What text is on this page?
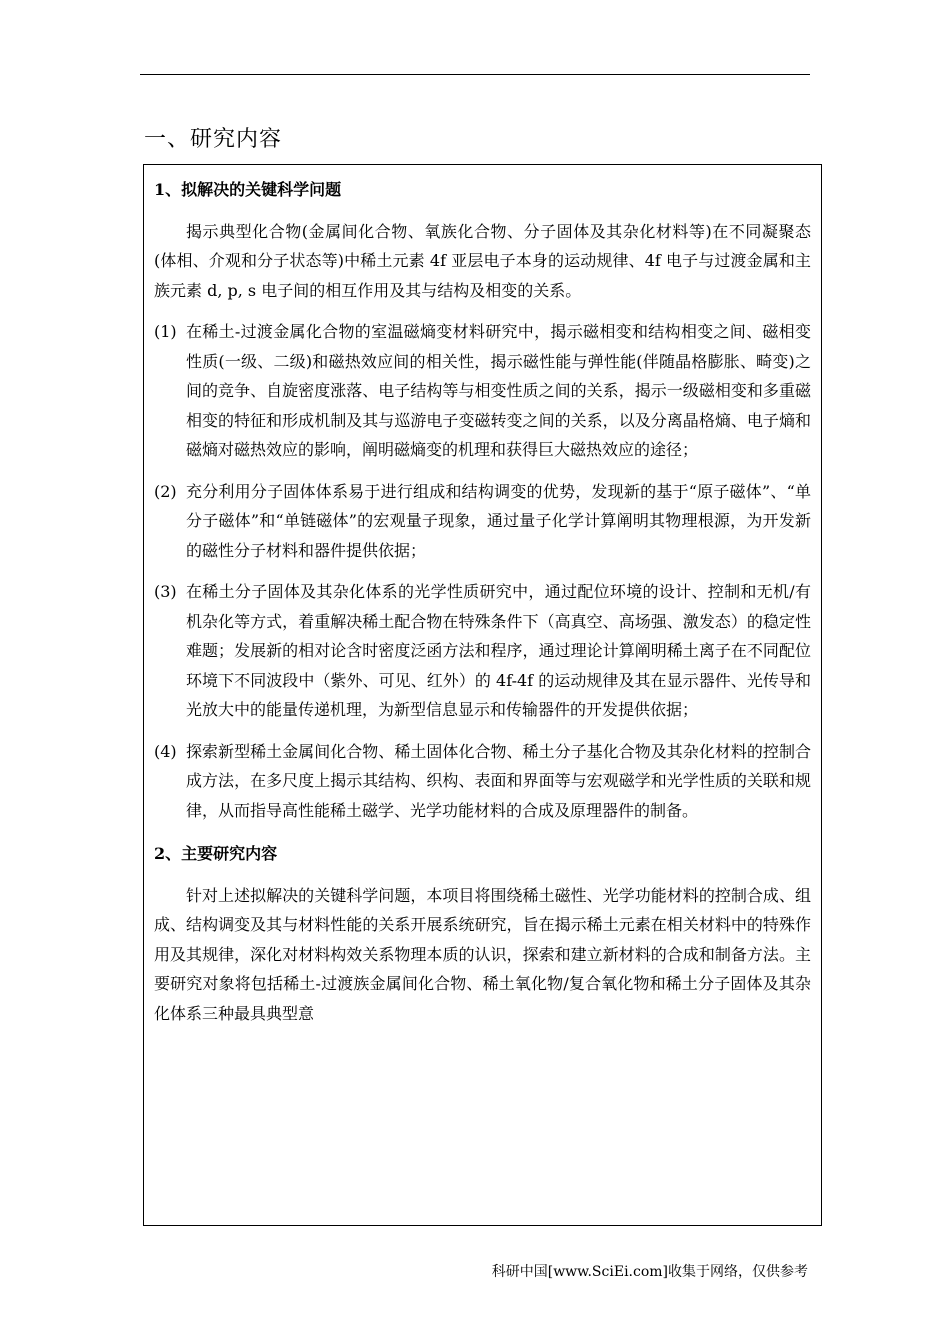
一、研究内容
1、拟解决的关键科学问题
揭示典型化合物(金属间化合物、氧族化合物、分子固体及其杂化材料等)在不同凝聚态(体相、介观和分子状态等)中稀土元素 4f 亚层电子本身的运动规律、4f 电子与过渡金属和主族元素 d, p, s 电子间的相互作用及其与结构及相变的关系。
(1) 在稀土-过渡金属化合物的室温磁熵变材料研究中，揭示磁相变和结构相变之间、磁相变性质(一级、二级)和磁热效应间的相关性，揭示磁性能与弹性能(伴随晶格膨胀、畸变)之间的竞争、自旋密度涨落、电子结构等与相变性质之间的关系，揭示一级磁相变和多重磁相变的特征和形成机制及其与巡游电子变磁转变之间的关系，以及分离晶格熵、电子熵和磁熵对磁热效应的影响，阐明磁熵变的机理和获得巨大磁热效应的途径；
(2) 充分利用分子固体体系易于进行组成和结构调变的优势，发现新的基于“原子磁体”、“单分子磁体”和“单链磁体”的宏观量子现象，通过量子化学计算阐明其物理根源，为开发新的磁性分子材料和器件提供依据；
(3) 在稀土分子固体及其杂化体系的光学性质研究中，通过配位环境的设计、控制和无机/有机杂化等方式，着重解决稀土配合物在特殊条件下（高真空、高场强、激发态）的稳定性难题；发展新的相对论含时密度泛函方法和程序，通过理论计算阐明稀土离子在不同配位环境下不同波段中（紫外、可见、红外）的 4f-4f 的运动规律及其在显示器件、光传导和光放大中的能量传递机理，为新型信息显示和传输器件的开发提供依据；
(4) 探索新型稀土金属间化合物、稀土固体化合物、稀土分子基化合物及其杂化材料的控制合成方法，在多尺度上揭示其结构、织构、表面和界面等与宏观磁学和光学性质的关联和规律，从而指导高性能稀土磁学、光学功能材料的合成及原理器件的制备。
2、主要研究内容
针对上述拟解决的关键科学问题，本项目将围绕稀土磁性、光学功能材料的控制合成、组成、结构调变及其与材料性能的关系开展系统研究，旨在揭示稀土元素在相关材料中的特殊作用及其规律，深化对材料构效关系物理本质的认识，探索和建立新材料的合成和制备方法。主要研究对象将包括稀土-过渡族金属间化合物、稀土氧化物/复合氧化物和稀土分子固体及其杂化体系三种最具典型意
科研中国[www.SciEi.com]收集于网络，仅供参考
